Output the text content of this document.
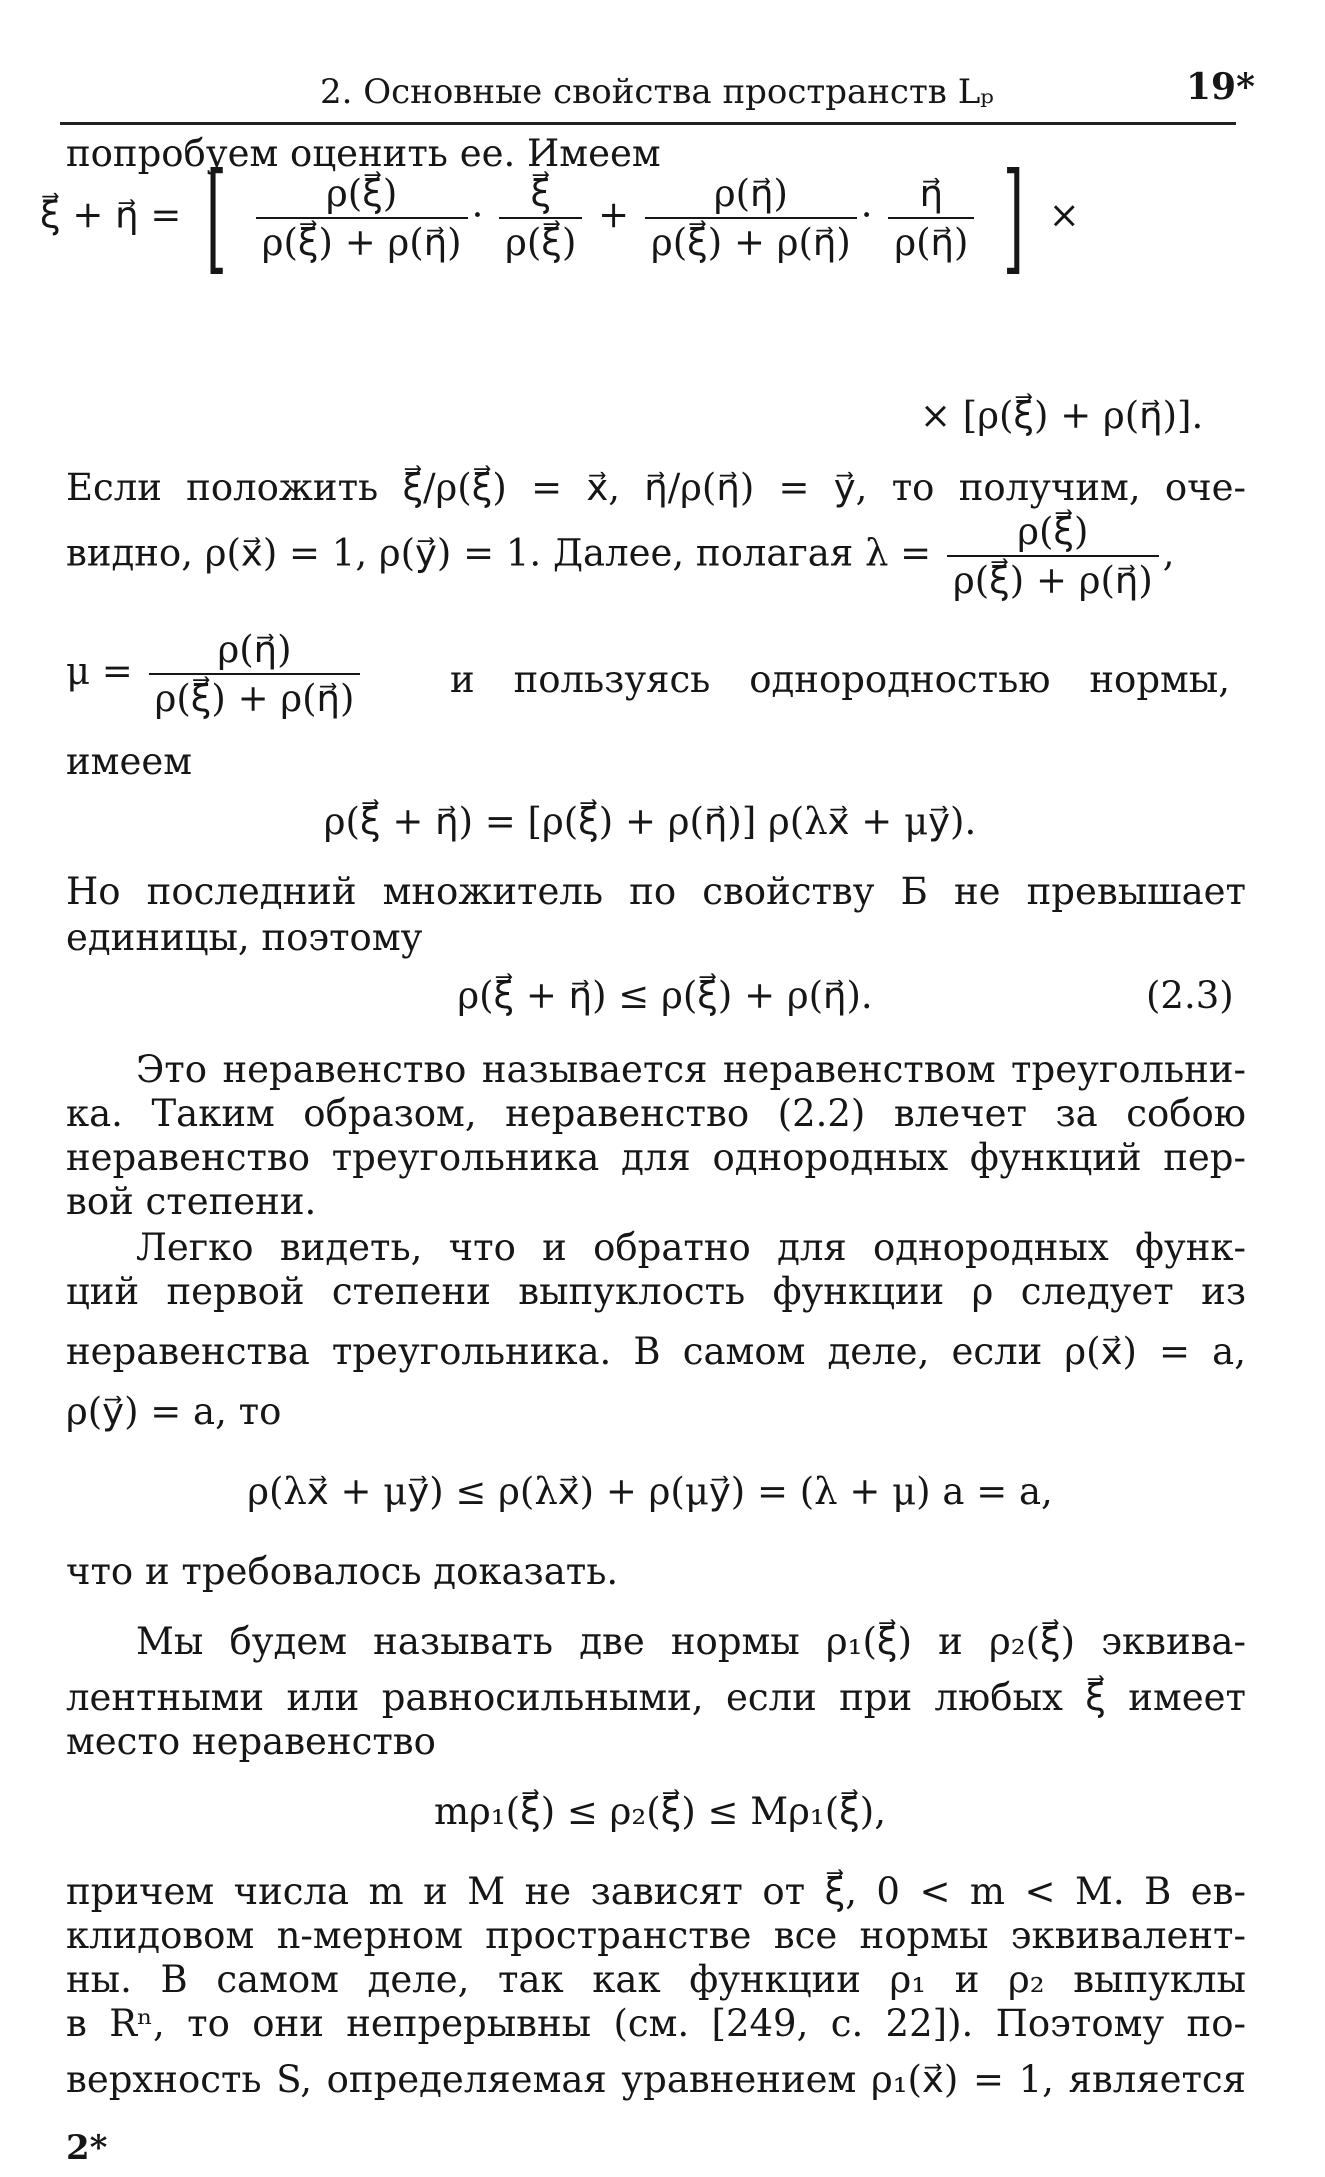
2. Основные свойства пространств Lₚ	19*
попробуем оценить ее. Имеем
ξ⃗ + η⃗ = [ $\frac{\rho(\xi⃗)}{\rho(\xi⃗) + \rho(\eta⃗)} \cdot \frac{\xi⃗}{\rho(\xi⃗)} + \frac{\rho(\eta⃗)}{\rho(\xi⃗) + \rho(\eta⃗)} \cdot \frac{\eta⃗}{\rho(\eta⃗)}$ ] ×
× [ρ(ξ⃗) + ρ(η⃗)].
Если положить ξ⃗/ρ(ξ⃗) = x⃗, η⃗/ρ(η⃗) = y⃗, то получим, оче-
видно, ρ(x⃗) = 1, ρ(y⃗) = 1. Далее, полагая $\lambda = \frac{\rho(\xi⃗)}{\rho(\xi⃗) + \rho(\eta⃗)}$ ,
$\mu = \frac{\rho(\eta⃗)}{\rho(\xi⃗) + \rho(\eta⃗)}$ и пользуясь однородностью нормы,
имеем
ρ(ξ⃗ + η⃗) = [ρ(ξ⃗) + ρ(η⃗)] ρ(λx⃗ + μy⃗).
Но последний множитель по свойству Б не превышает
единицы, поэтому
ρ(ξ⃗ + η⃗) ≤ ρ(ξ⃗) + ρ(η⃗).	(2.3)
Это неравенство называется неравенством треугольни-
ка. Таким образом, неравенство (2.2) влечет за собою
неравенство треугольника для однородных функций пер-
вой степени.
Легко видеть, что и обратно для однородных функ-
ций первой степени выпуклость функции ρ следует из
неравенства треугольника. В самом деле, если ρ(x⃗) = a,
ρ(y⃗) = a, то
ρ(λx⃗ + μy⃗) ≤ ρ(λx⃗) + ρ(μy⃗) = (λ + μ) a = a,
что и требовалось доказать.
Мы будем называть две нормы ρ₁(ξ⃗) и ρ₂(ξ⃗) эквива-
лентными или равносильными, если при любых ξ⃗ имеет
место неравенство
mρ₁(ξ⃗) ≤ ρ₂(ξ⃗) ≤ Mρ₁(ξ⃗),
причем числа m и M не зависят от ξ⃗, 0 < m < M. В ев-
клидовом n-мерном пространстве все нормы эквивалент-
ны. В самом деле, так как функции ρ₁ и ρ₂ выпуклы
в Rⁿ, то они непрерывны (см. [249, с. 22]). Поэтому по-
верхность S, определяемая уравнением ρ₁(x⃗) = 1, является
2*
